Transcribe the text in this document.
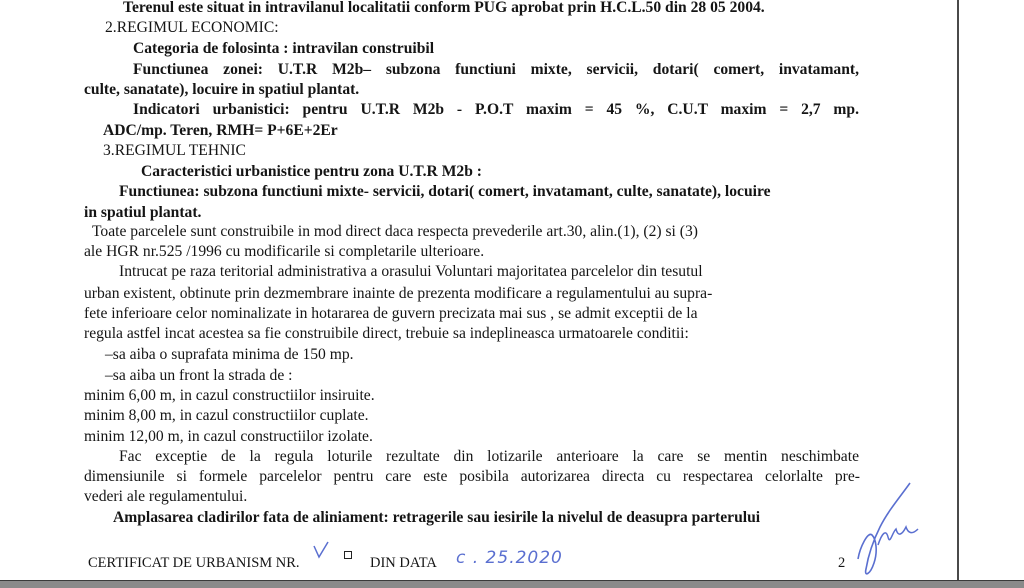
Terenul este situat in intravilanul localitatii conform PUG aprobat prin H.C.L.50 din 28 05 2004.
2.REGIMUL ECONOMIC:
Categoria de folosinta : intravilan construibil
Functiunea zonei: U.T.R M2b– subzona functiuni mixte, servicii, dotari( comert, invatamant,
culte, sanatate), locuire in spatiul plantat.
Indicatori urbanistici: pentru U.T.R M2b - P.O.T maxim = 45 %, C.U.T maxim = 2,7 mp.
ADC/mp. Teren, RMH= P+6E+2Er
3.REGIMUL TEHNIC
Caracteristici urbanistice pentru zona U.T.R M2b :
Functiunea: subzona functiuni mixte- servicii, dotari( comert, invatamant, culte, sanatate), locuire
in spatiul plantat.
Toate parcelele sunt construibile in mod direct daca respecta prevederile art.30, alin.(1), (2) si (3)
ale HGR nr.525 /1996 cu modificarile si completarile ulterioare.
Intrucat pe raza teritorial administrativa a orasului Voluntari majoritatea parcelelor din tesutul
urban existent, obtinute prin dezmembrare inainte de prezenta modificare a regulamentului au supra-
fete inferioare celor nominalizate in hotararea de guvern precizata mai sus , se admit exceptii de la
regula astfel incat acestea sa fie construibile direct, trebuie sa indeplineasca urmatoarele conditii:
–sa aiba o suprafata minima de 150 mp.
–sa aiba un front la strada de :
minim 6,00 m, in cazul constructiilor insiruite.
minim 8,00 m, in cazul constructiilor cuplate.
minim 12,00 m, in cazul constructiilor izolate.
Fac exceptie de la regula loturile rezultate din lotizarile anterioare la care se mentin neschimbate
dimensiunile si formele parcelelor pentru care este posibila autorizarea directa cu respectarea celorlalte pre-
vederi ale regulamentului.
Amplasarea cladirilor fata de aliniament: retragerile sau iesirile la nivelul de deasupra parterului
CERTIFICAT DE URBANISM NR.	DIN DATA c . 25.2020	2
